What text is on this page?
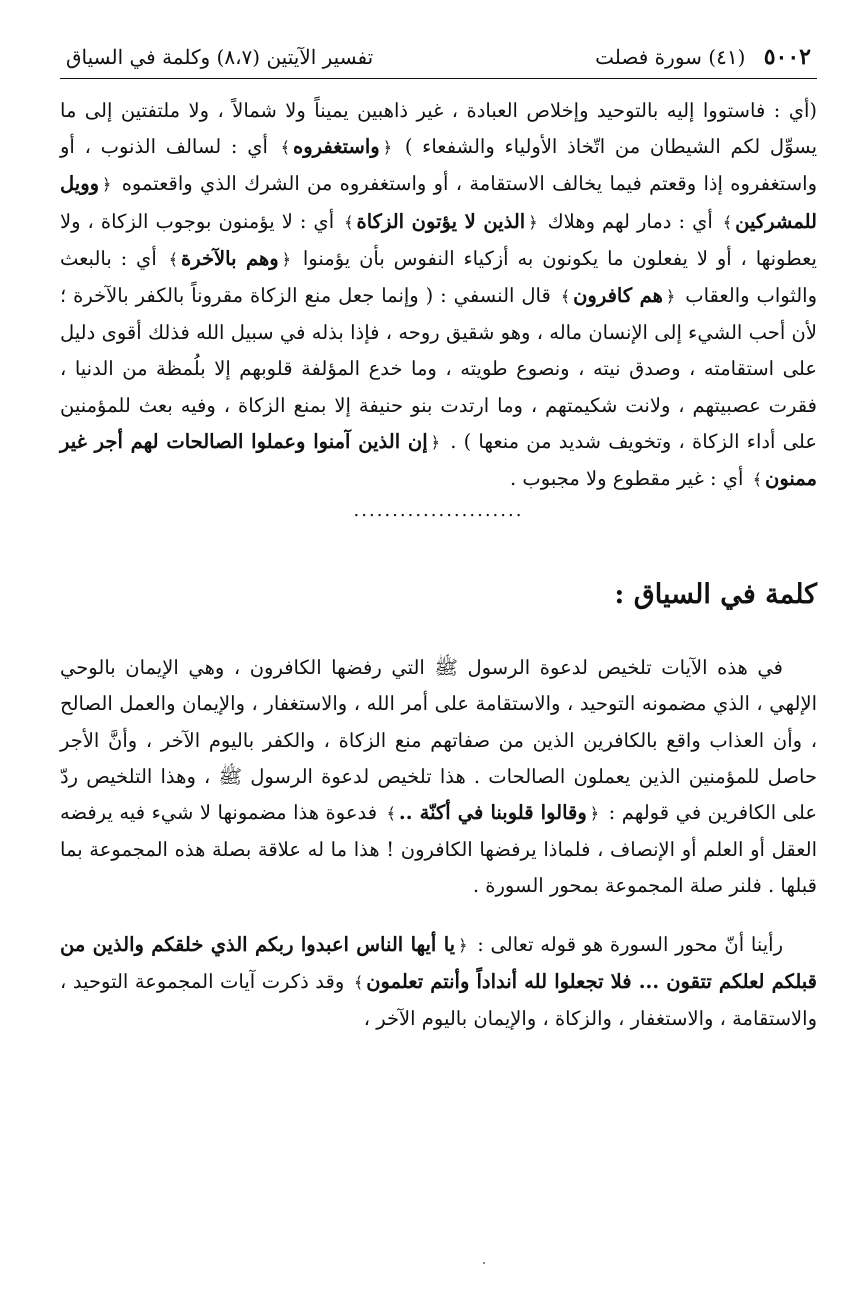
٥٠٠٢ (٤١) سورة فصلت
تفسير الآيتين (٨،٧) وكلمة في السياق

(أي : فاستووا إليه بالتوحيد وإخلاص العبادة ، غير ذاهبين يميناً ولا شمالاً ، ولا ملتفتين إلى ما يسوِّل لكم الشيطان من اتّخاذ الأولياء والشفعاء ) ﴿واستغفروه﴾ أي : لسالف الذنوب ، أو واستغفروه إذا وقعتم فيما يخالف الاستقامة ، أو واستغفروه من الشرك الذي واقعتموه ﴿وويل للمشركين﴾ أي : دمار لهم وهلاك ﴿الذين لا يؤتون الزكاة﴾ أي : لا يؤمنون بوجوب الزكاة ، ولا يعطونها ، أو لا يفعلون ما يكونون به أزكياء النفوس بأن يؤمنوا ﴿وهم بالآخرة﴾ أي : بالبعث والثواب والعقاب ﴿هم كافرون﴾ قال النسفي : ( وإنما جعل منع الزكاة مقروناً بالكفر بالآخرة ؛ لأن أحب الشيء إلى الإنسان ماله ، وهو شقيق روحه ، فإذا بذله في سبيل الله فذلك أقوى دليل على استقامته ، وصدق نيته ، ونصوع طويته ، وما خدع المؤلفة قلوبهم إلا بلُمظة من الدنيا ، فقرت عصبيتهم ، ولانت شكيمتهم ، وما ارتدت بنو حنيفة إلا بمنع الزكاة ، وفيه بعث للمؤمنين على أداء الزكاة ، وتخويف شديد من منعها ) . ﴿إن الذين آمنوا وعملوا الصالحات لهم أجر غير ممنون﴾ أي : غير مقطوع ولا مجبوب .

......................
كلمة في السياق :

في هذه الآيات تلخيص لدعوة الرسول ﷺ التي رفضها الكافرون ، وهي الإيمان بالوحي الإلهي ، الذي مضمونه التوحيد ، والاستقامة على أمر الله ، والاستغفار ، والإيمان والعمل الصالح ، وأن العذاب واقع بالكافرين الذين من صفاتهم منع الزكاة ، والكفر باليوم الآخر ، وأنَّ الأجر حاصل للمؤمنين الذين يعملون الصالحات . هذا تلخيص لدعوة الرسول ﷺ ، وهذا التلخيص ردّ على الكافرين في قولهم : ﴿وقالوا قلوبنا في أكنّة ..﴾ فدعوة هذا مضمونها لا شيء فيه يرفضه العقل أو العلم أو الإنصاف ، فلماذا يرفضها الكافرون ! هذا ما له علاقة بصلة هذه المجموعة بما قبلها . فلنر صلة المجموعة بمحور السورة .

رأينا أنّ محور السورة هو قوله تعالى : ﴿يا أيها الناس اعبدوا ربكم الذي خلقكم والذين من قبلكم لعلكم تتقون ... فلا تجعلوا لله أنداداً وأنتم تعلمون﴾ وقد ذكرت آيات المجموعة التوحيد ، والاستقامة ، والاستغفار ، والزكاة ، والإيمان باليوم الآخر ،
